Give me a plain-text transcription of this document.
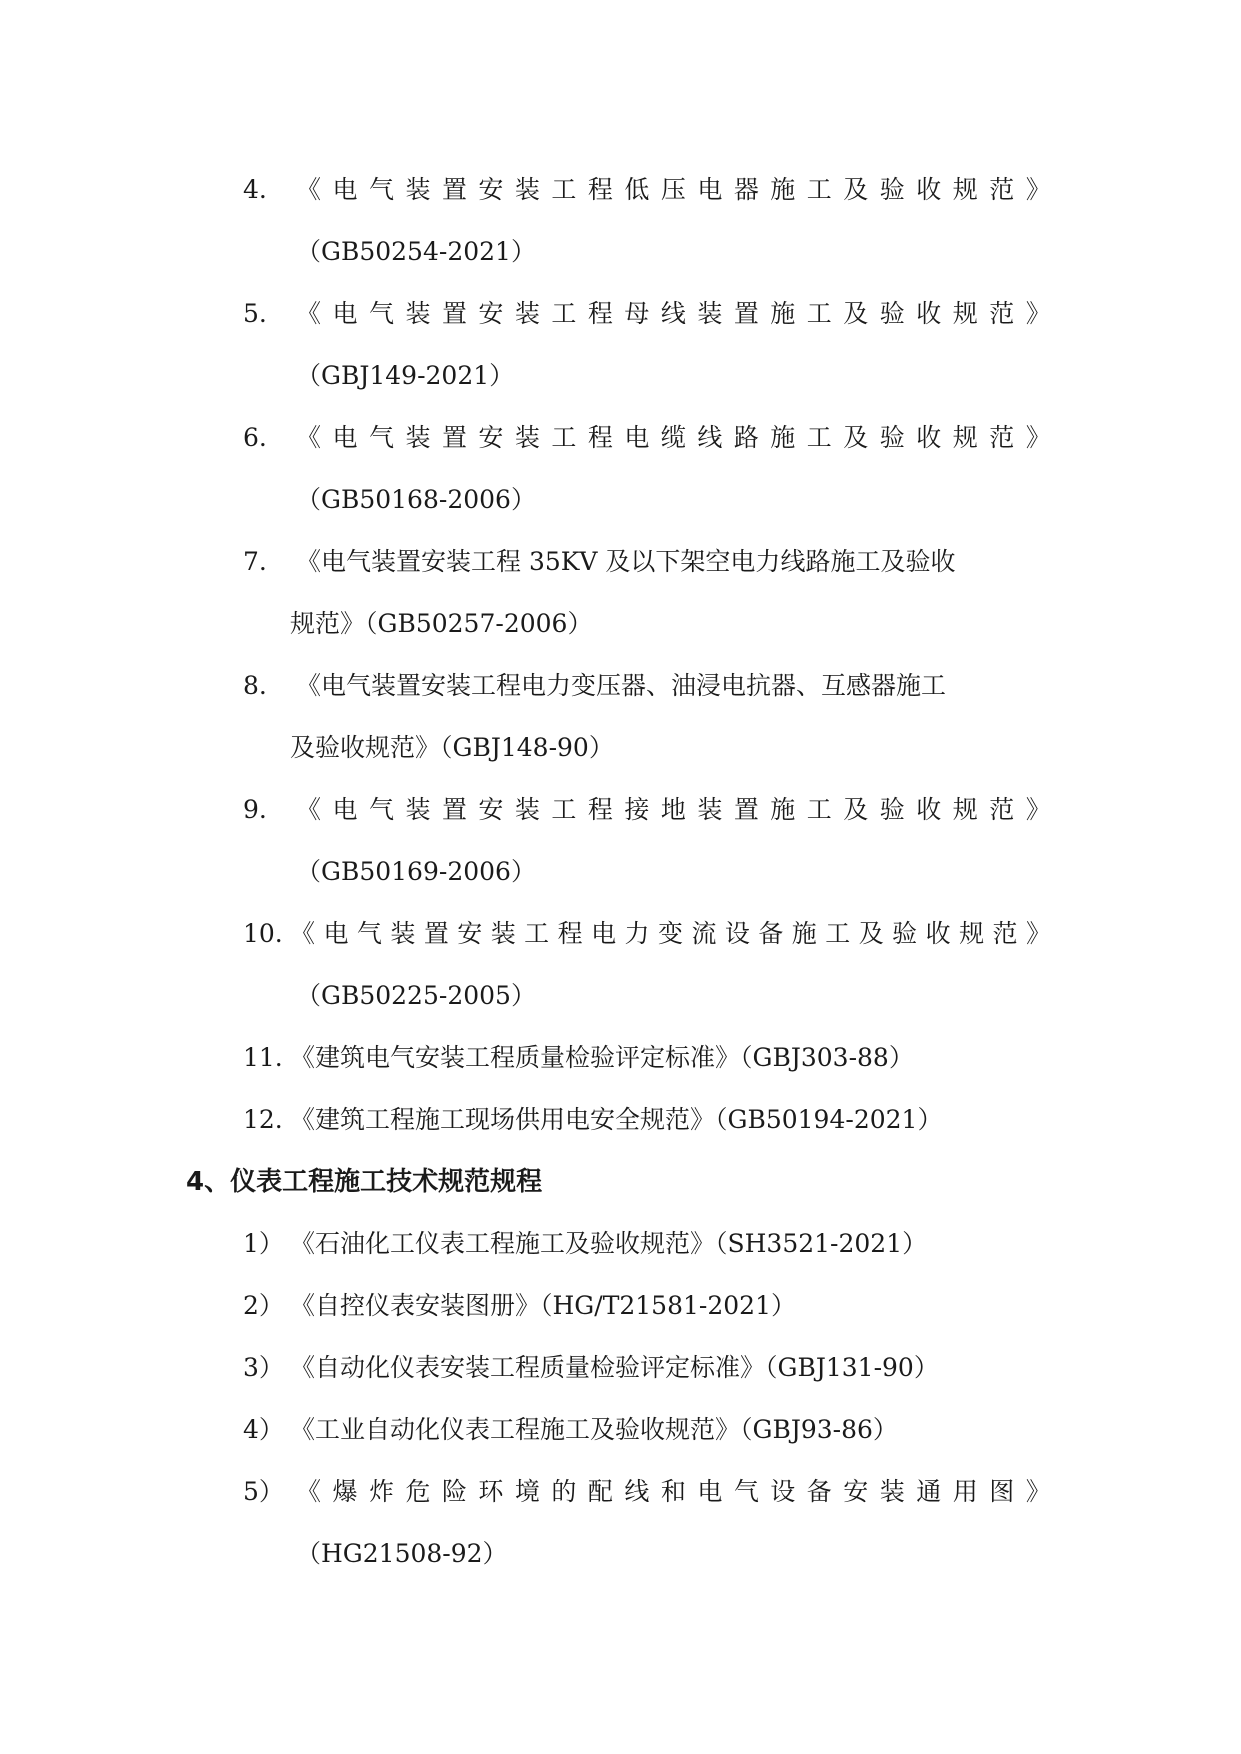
4. 《 电 气 装 置 安 装 工 程 低 压 电 器 施 工 及 验 收 规 范 》
（GB50254-2021）
5. 《 电 气 装 置 安 装 工 程 母 线 装 置 施 工 及 验 收 规 范 》
（GBJ149-2021）
6. 《 电 气 装 置 安 装 工 程 电 缆 线 路 施 工 及 验 收 规 范 》
（GB50168-2006）
7. 《电气装置安装工程 35KV 及以下架空电力线路施工及验收
规范》（GB50257-2006）
8. 《电气装置安装工程电力变压器、油浸电抗器、互感器施工
及验收规范》（GBJ148-90）
9. 《 电 气 装 置 安 装 工 程 接 地 装 置 施 工 及 验 收 规 范 》
（GB50169-2006）
10. 《 电 气 装 置 安 装 工 程 电 力 变 流 设 备 施 工 及 验 收 规 范 》
（GB50225-2005）
11. 《建筑电气安装工程质量检验评定标准》（GBJ303-88）
12. 《建筑工程施工现场供用电安全规范》（GB50194-2021）
4、仪表工程施工技术规范规程
1） 《石油化工仪表工程施工及验收规范》（SH3521-2021）
2） 《自控仪表安装图册》（HG/T21581-2021）
3） 《自动化仪表安装工程质量检验评定标准》（GBJ131-90）
4） 《工业自动化仪表工程施工及验收规范》（GBJ93-86）
5） 《 爆 炸 危 险 环 境 的 配 线 和 电 气 设 备 安 装 通 用 图 》
（HG21508-92）
